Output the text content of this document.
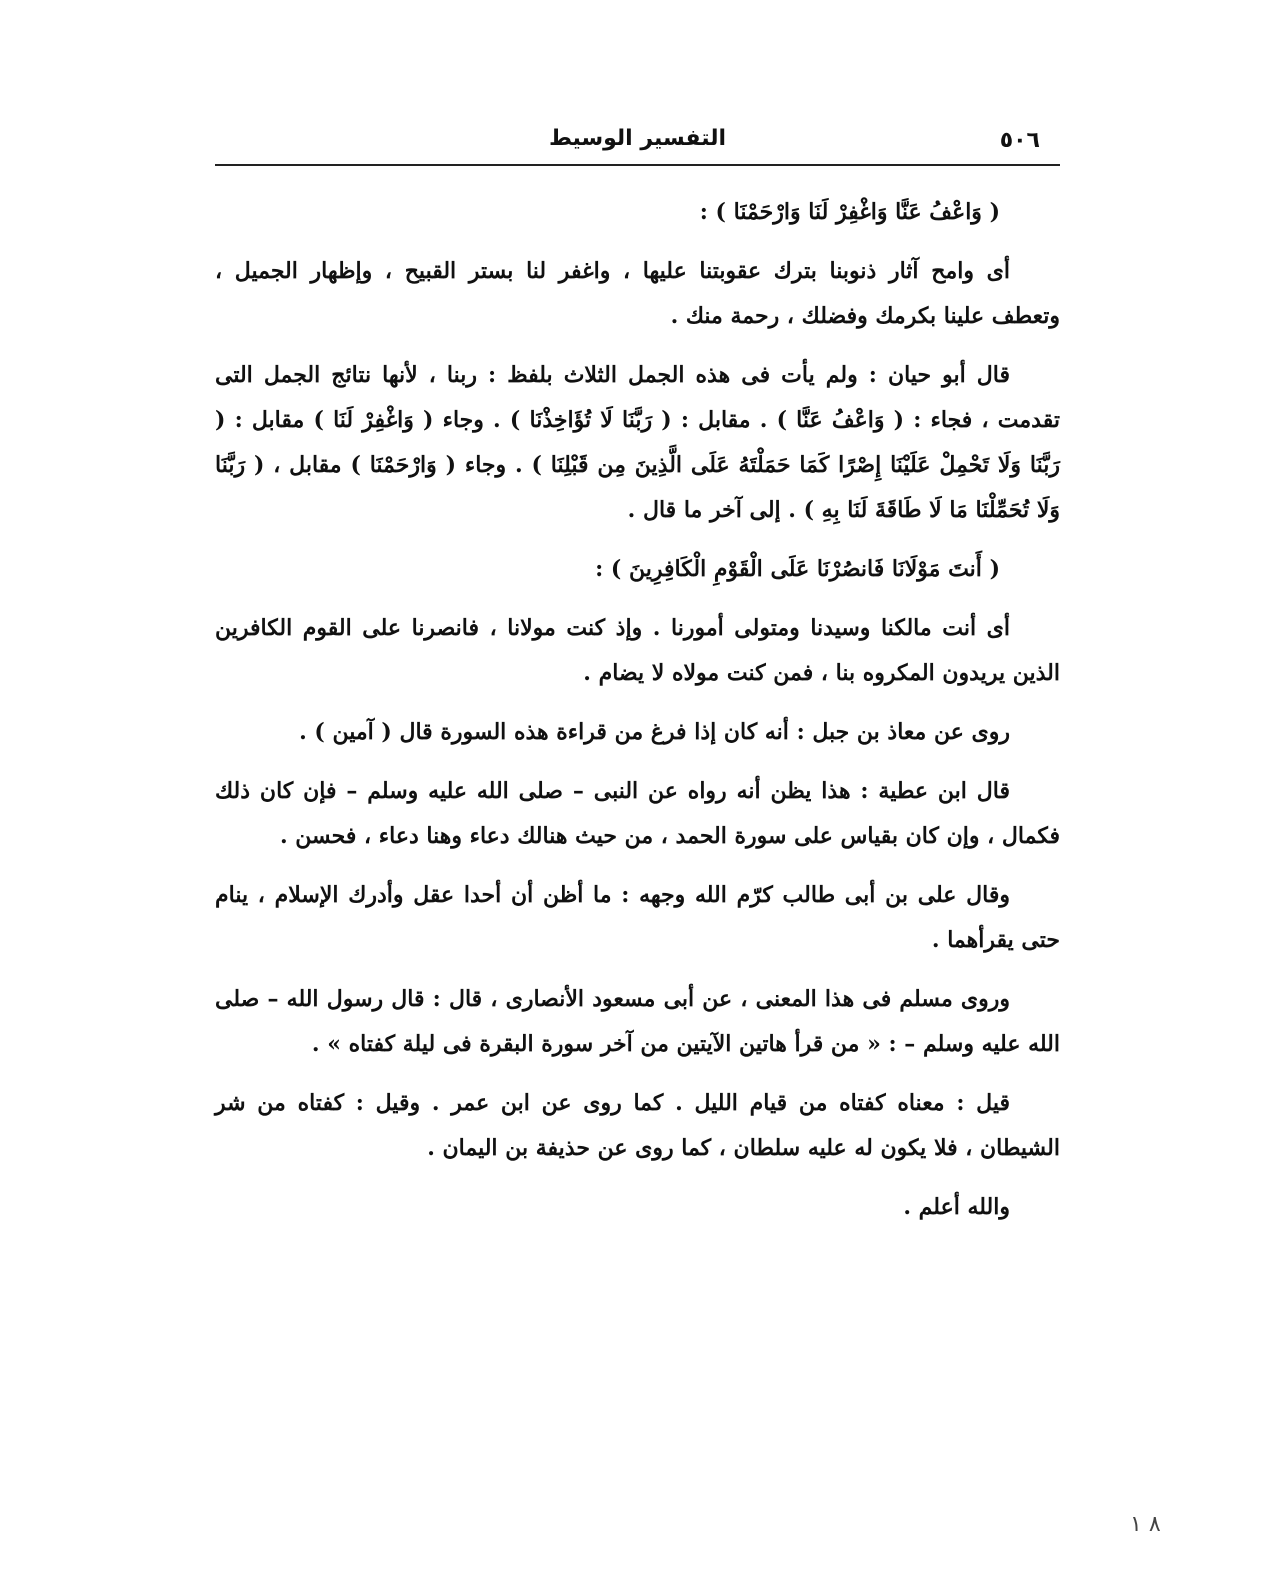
٥٠٦
التفسير الوسيط

( وَاعْفُ عَنَّا وَاغْفِرْ لَنَا وَارْحَمْنَا ) :

أى وامح آثار ذنوبنا بترك عقوبتنا عليها ، واغفر لنا بستر القبيح ، وإظهار الجميل ، وتعطف علينا بكرمك وفضلك ، رحمة منك .

قال أبو حيان : ولم يأت فى هذه الجمل الثلاث بلفظ : ربنا ، لأنها نتائج الجمل التى تقدمت ، فجاء : ( وَاعْفُ عَنَّا ) . مقابل : ( رَبَّنَا لَا تُؤَاخِذْنَا ) . وجاء ( وَاغْفِرْ لَنَا ) مقابل : ( رَبَّنَا وَلَا تَحْمِلْ عَلَيْنَا إِصْرًا كَمَا حَمَلْتَهُ عَلَى الَّذِينَ مِن قَبْلِنَا ) . وجاء ( وَارْحَمْنَا ) مقابل ، ( رَبَّنَا وَلَا تُحَمِّلْنَا مَا لَا طَاقَةَ لَنَا بِهِ ) . إلى آخر ما قال .

( أَنتَ مَوْلَانَا فَانصُرْنَا عَلَى الْقَوْمِ الْكَافِرِينَ ) :

أى أنت مالكنا وسيدنا ومتولى أمورنا . وإذ كنت مولانا ، فانصرنا على القوم الكافرين الذين يريدون المكروه بنا ، فمن كنت مولاه لا يضام .

روى عن معاذ بن جبل : أنه كان إذا فرغ من قراءة هذه السورة قال ( آمين ) .

قال ابن عطية : هذا يظن أنه رواه عن النبى – صلى الله عليه وسلم – فإن كان ذلك فكمال ، وإن كان بقياس على سورة الحمد ، من حيث هنالك دعاء وهنا دعاء ، فحسن .

وقال على بن أبى طالب كرّم الله وجهه : ما أظن أن أحدا عقل وأدرك الإسلام ، ينام حتى يقرأهما .

وروى مسلم فى هذا المعنى ، عن أبى مسعود الأنصارى ، قال : قال رسول الله – صلى الله عليه وسلم – : « من قرأ هاتين الآيتين من آخر سورة البقرة فى ليلة كفتاه » .

قيل : معناه كفتاه من قيام الليل . كما روى عن ابن عمر . وقيل : كفتاه من شر الشيطان ، فلا يكون له عليه سلطان ، كما روى عن حذيفة بن اليمان .

والله أعلم .

٨ ١
